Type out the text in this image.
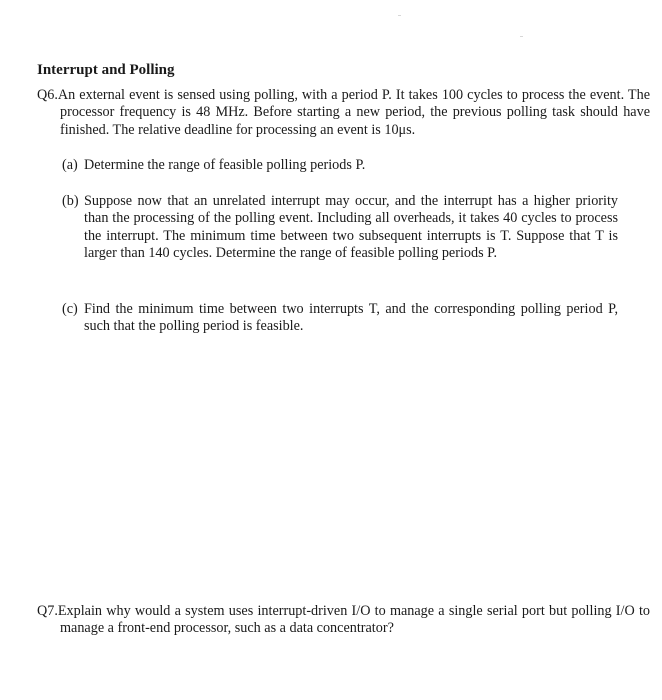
Interrupt and Polling

Q6.An external event is sensed using polling, with a period P. It takes 100 cycles to process the event. The processor frequency is 48 MHz. Before starting a new period, the previous polling task should have finished. The relative deadline for processing an event is 10μs.

(a) Determine the range of feasible polling periods P.

(b) Suppose now that an unrelated interrupt may occur, and the interrupt has a higher priority than the processing of the polling event. Including all overheads, it takes 40 cycles to process the interrupt. The minimum time between two subsequent interrupts is T. Suppose that T is larger than 140 cycles. Determine the range of feasible polling periods P.

(c) Find the minimum time between two interrupts T, and the corresponding polling period P, such that the polling period is feasible.

Q7.Explain why would a system uses interrupt-driven I/O to manage a single serial port but polling I/O to manage a front-end processor, such as a data concentrator?
